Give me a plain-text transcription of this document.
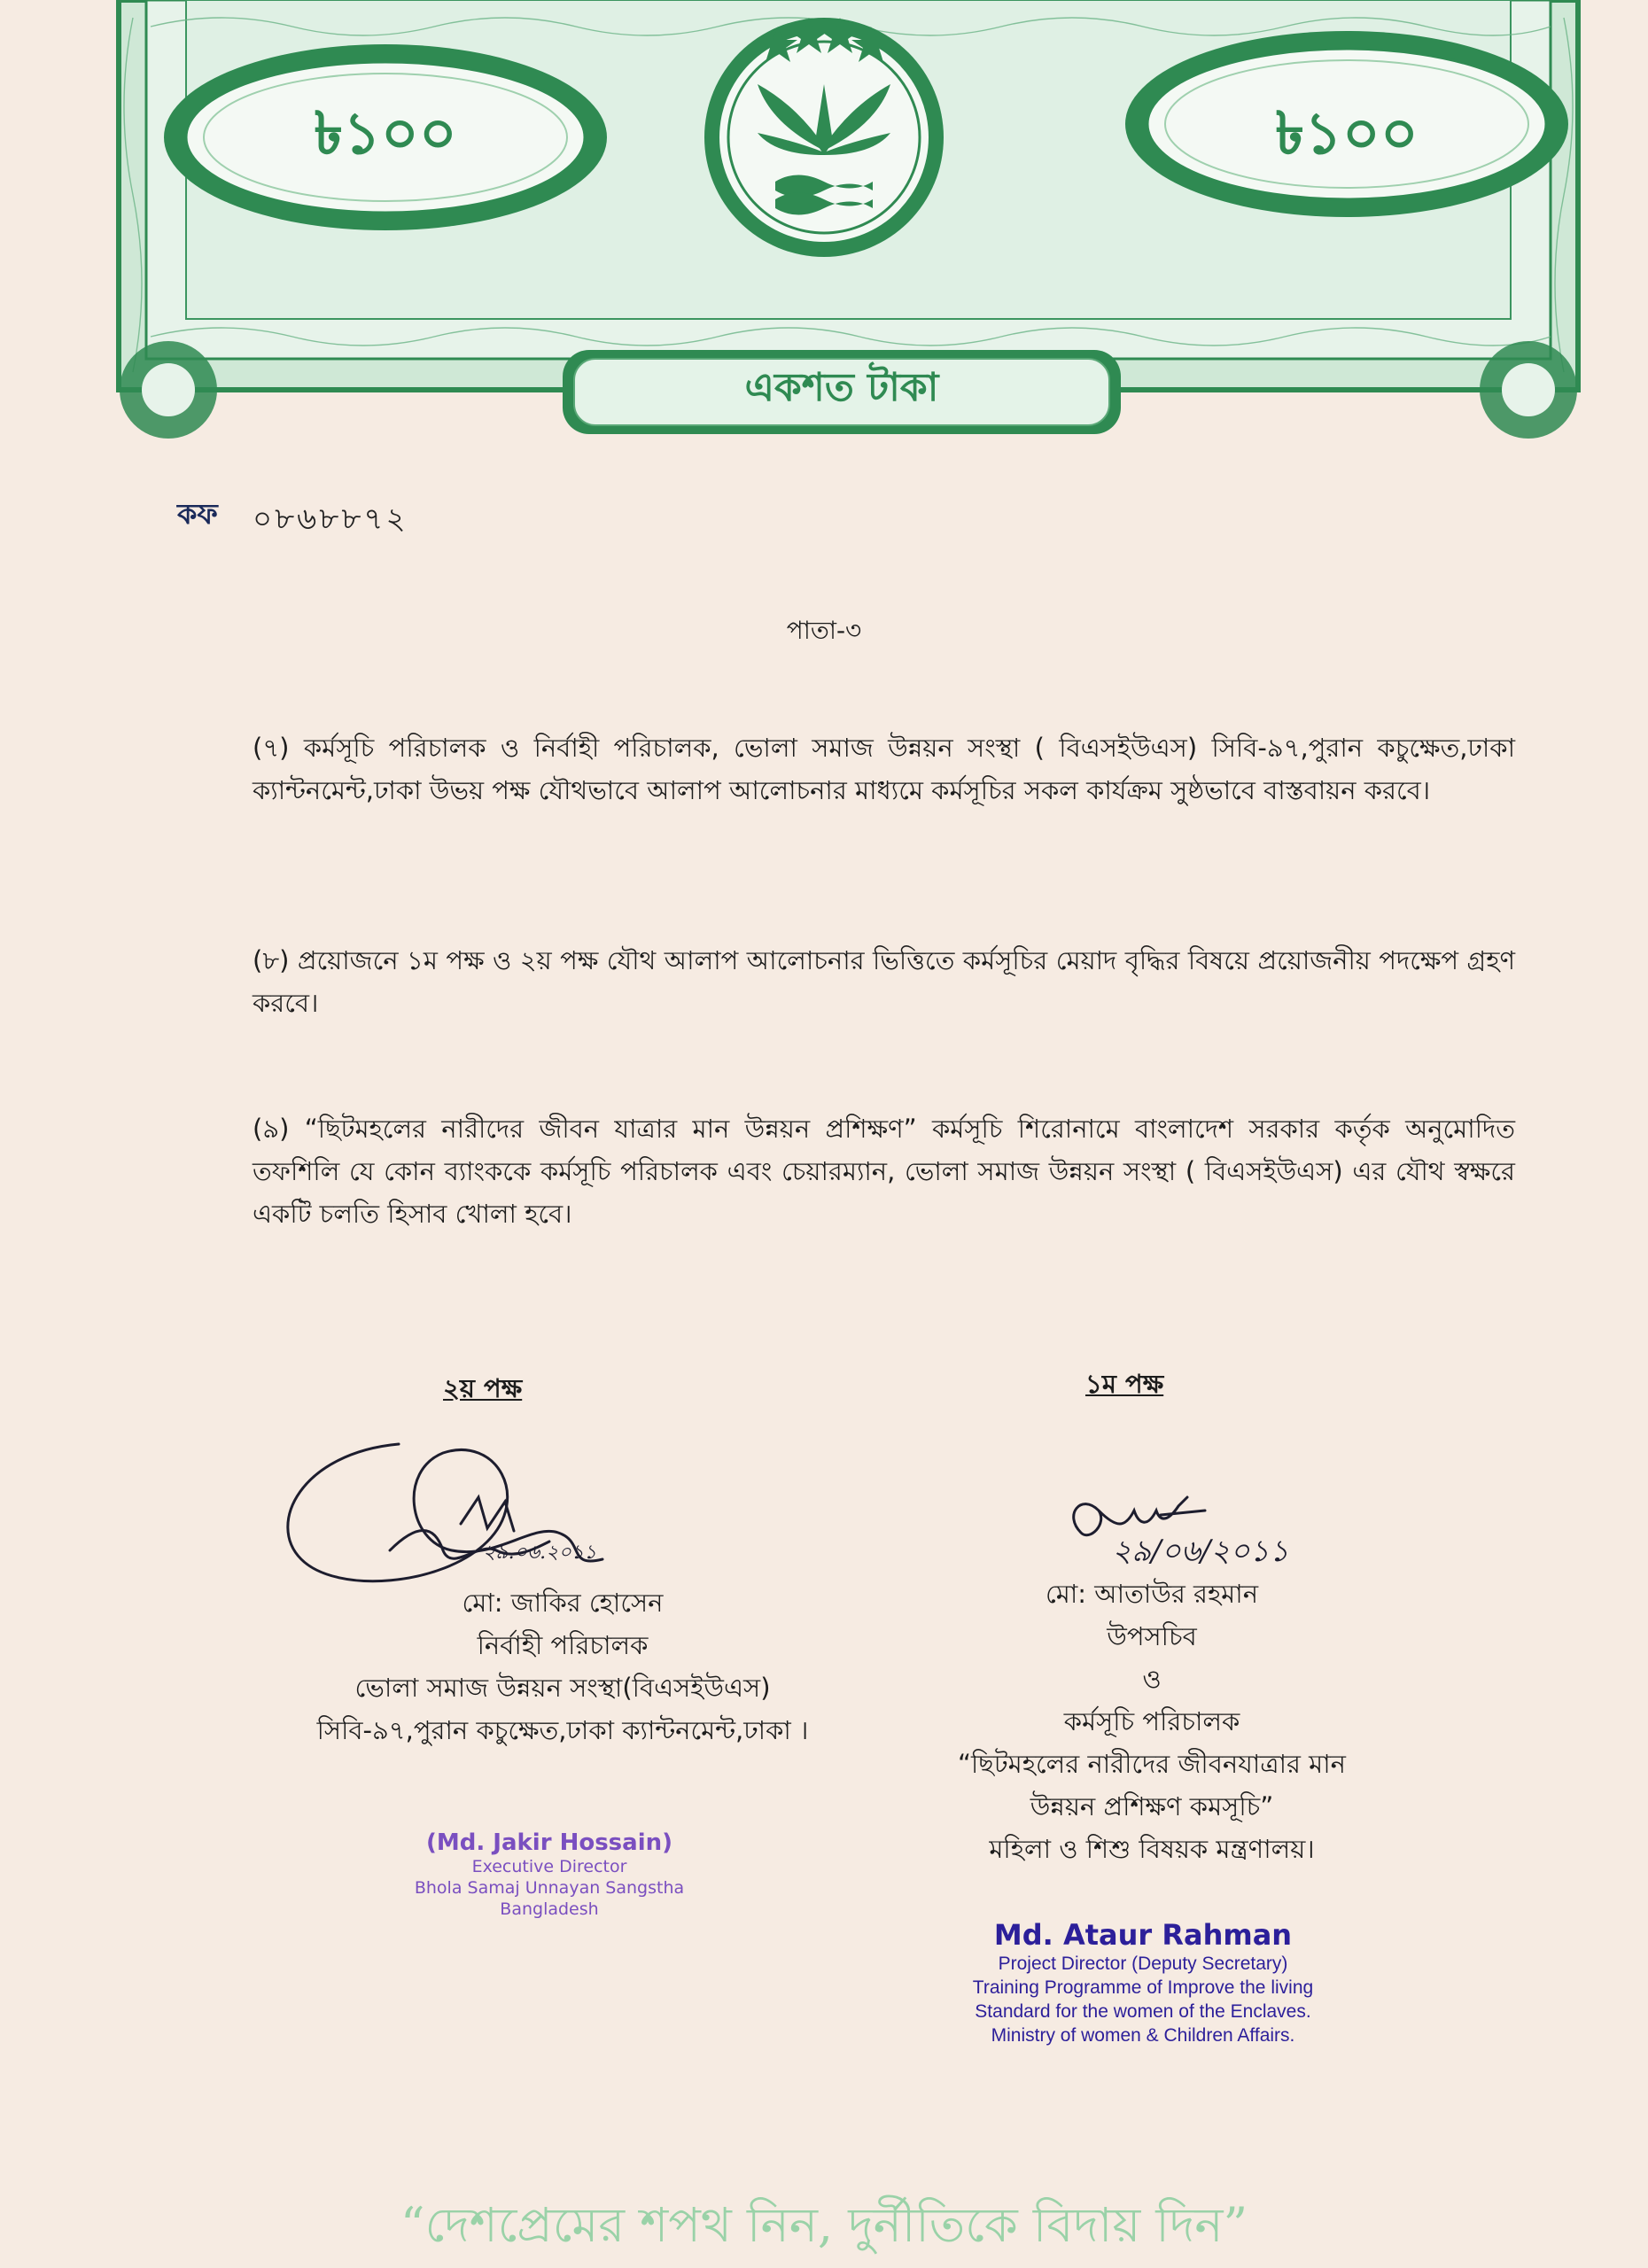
৳১০০	৳১০০
একশত টাকা
কফ ০৮৬৮৮৭২
পাতা-৩
(৭) কর্মসূচি পরিচালক ও নির্বাহী পরিচালক, ভোলা সমাজ উন্নয়ন সংস্থা ( বিএসইউএস) সিবি-৯৭,পুরান কচুক্ষেত,ঢাকা ক্যান্টনমেন্ট,ঢাকা উভয় পক্ষ যৌথভাবে আলাপ আলোচনার মাধ্যমে কর্মসূচির সকল কার্যক্রম সুষ্ঠভাবে বাস্তবায়ন করবে।
(৮) প্রয়োজনে ১ম পক্ষ ও ২য় পক্ষ যৌথ আলাপ আলোচনার ভিত্তিতে কর্মসূচির মেয়াদ বৃদ্ধির বিষয়ে প্রয়োজনীয় পদক্ষেপ গ্রহণ করবে।
(৯) “ছিটমহলের নারীদের জীবন যাত্রার মান উন্নয়ন প্রশিক্ষণ” কর্মসূচি শিরোনামে বাংলাদেশ সরকার কর্তৃক অনুমোদিত তফশিলি যে কোন ব্যাংককে কর্মসূচি পরিচালক এবং চেয়ারম্যান, ভোলা সমাজ উন্নয়ন সংস্থা ( বিএসইউএস) এর যৌথ স্বক্ষরে একটি চলতি হিসাব খোলা হবে।
২য় পক্ষ	১ম পক্ষ
২৯.০৬.২০১১	২৯/০৬/২০১১
মো: জাকির হোসেন
নির্বাহী পরিচালক
ভোলা সমাজ উন্নয়ন সংস্থা(বিএসইউএস)
সিবি-৯৭,পুরান কচুক্ষেত,ঢাকা ক্যান্টনমেন্ট,ঢাকা ।
(Md. Jakir Hossain)
Executive Director
Bhola Samaj Unnayan Sangstha
Bangladesh
মো: আতাউর রহমান
উপসচিব
ও
কর্মসূচি পরিচালক
“ছিটমহলের নারীদের জীবনযাত্রার মান
উন্নয়ন প্রশিক্ষণ কমসূচি”
মহিলা ও শিশু বিষয়ক মন্ত্রণালয়।
Md. Ataur Rahman
Project Director (Deputy Secretary)
Training Programme of Improve the living
Standard for the women of the Enclaves.
Ministry of women & Children Affairs.
“দেশপ্রেমের শপথ নিন, দুর্নীতিকে বিদায় দিন”
